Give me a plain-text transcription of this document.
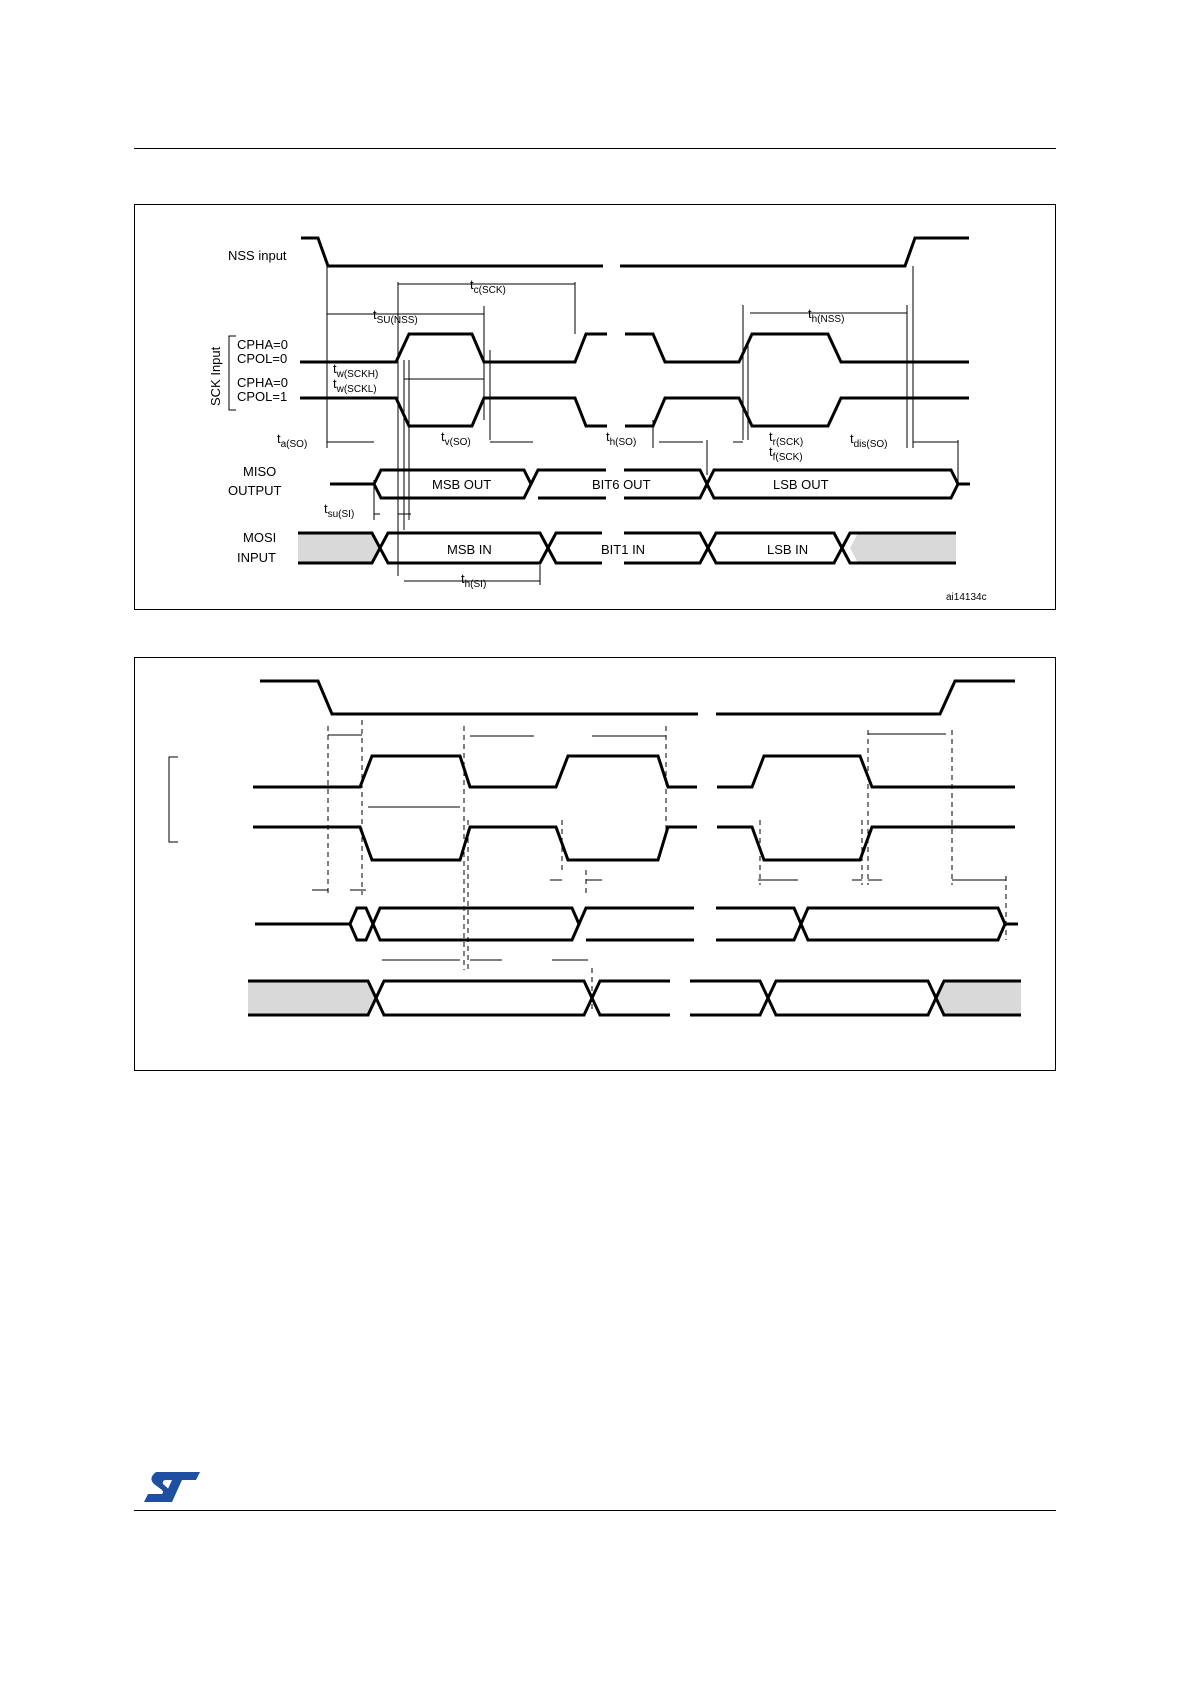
NSS input
SCK Input
CPHA=0
CPOL=0
CPHA=0
CPOL=1
MISO
OUTPUT
MOSI
INPUT
$t_{c(SCK)}$
$t_{SU(NSS)}$	$t_{h(NSS)}$
$t_{w(SCKH)}$
$t_{w(SCKL)}$
$t_{a(SO)}$
$t_{v(SO)}$	$t_{h(SO)}$	$t_{r(SCK)}$
$t_{f(SCK)}$
$t_{dis(SO)}$
$t_{su(SI)}$
$t_{h(SI)}$
MSB OUT	BIT6 OUT	LSB OUT
MSB IN	BIT1 IN	LSB IN
ai14134c
